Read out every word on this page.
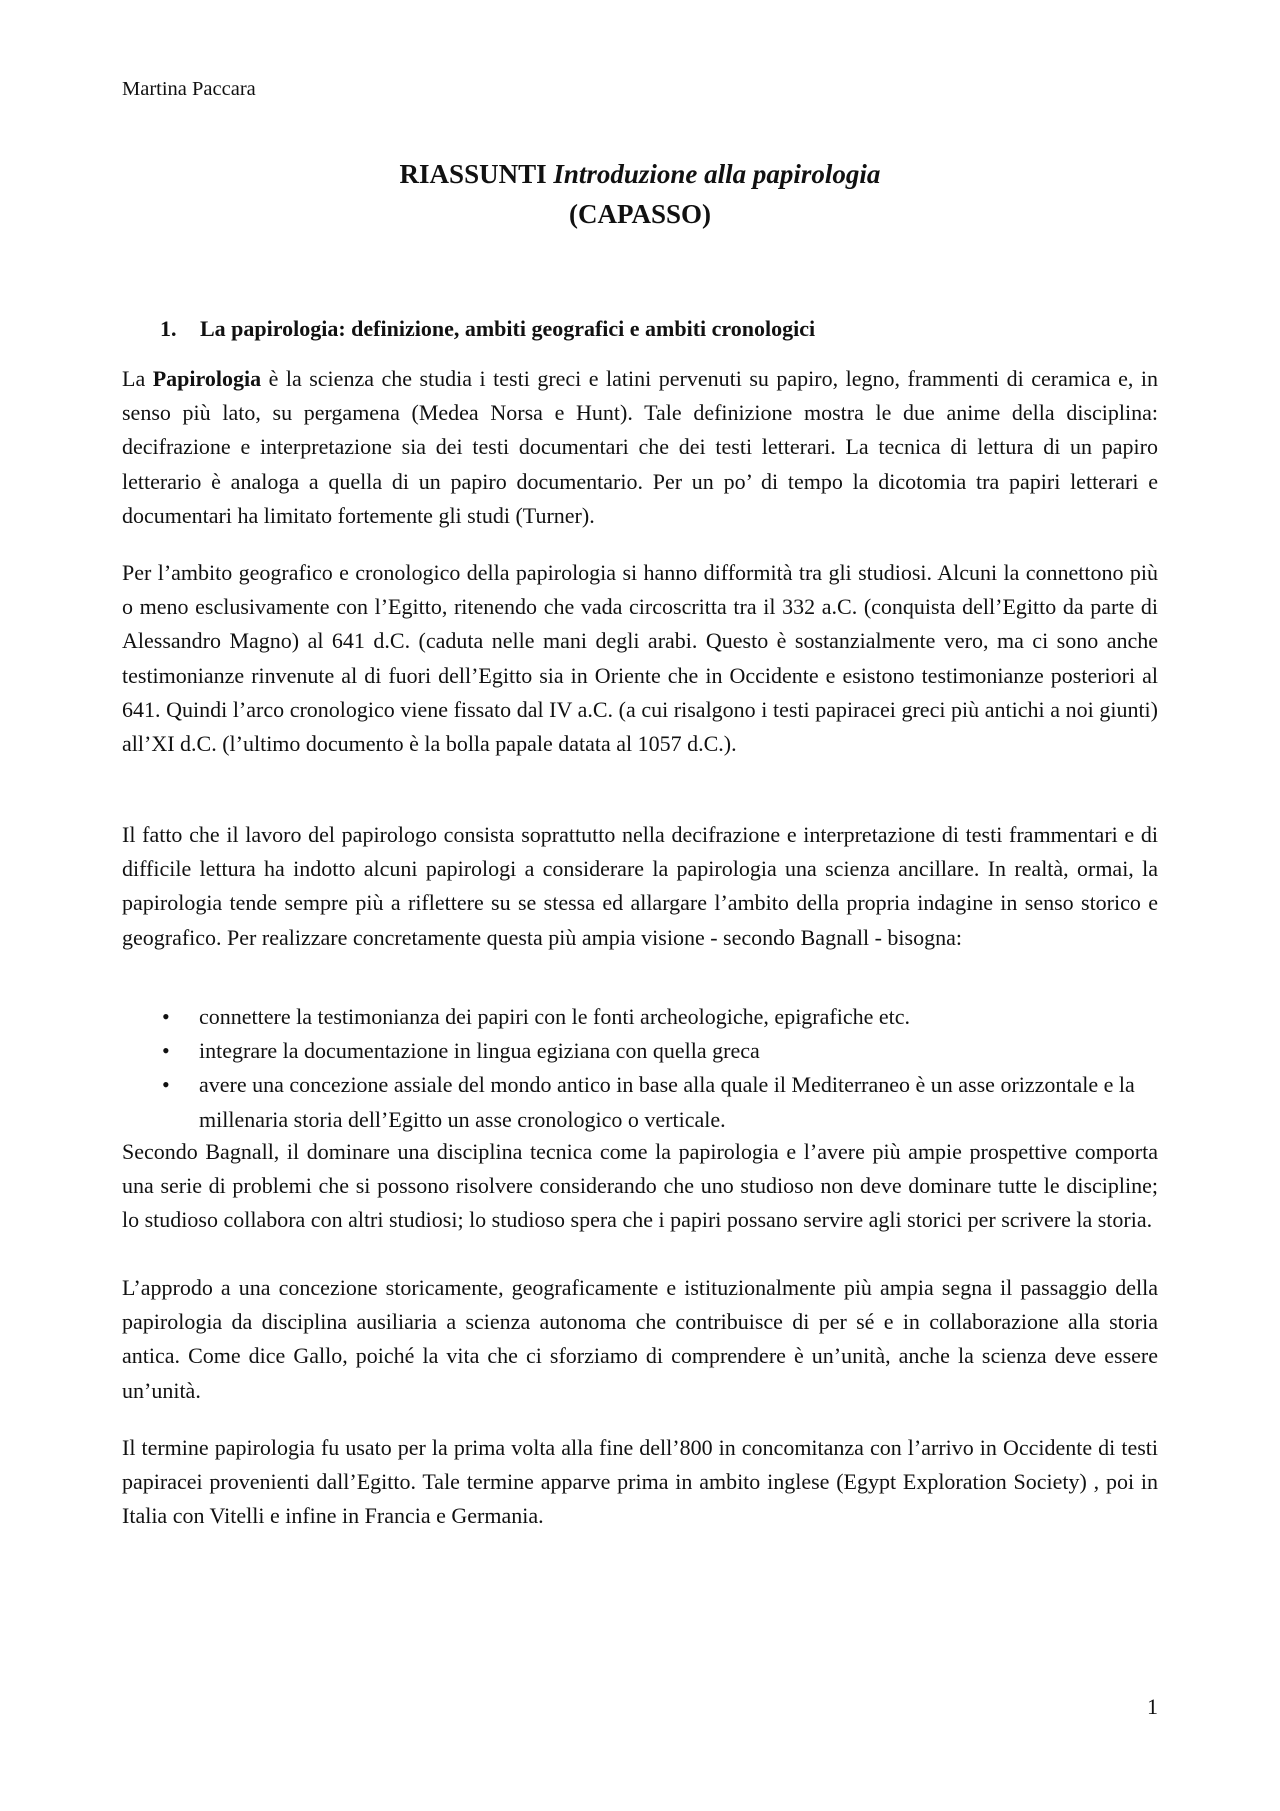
Martina Paccara
RIASSUNTI Introduzione alla papirologia
(CAPASSO)
1. La papirologia: definizione, ambiti geografici e ambiti cronologici

La Papirologia è la scienza che studia i testi greci e latini pervenuti su papiro, legno, frammenti di ceramica e, in senso più lato, su pergamena (Medea Norsa e Hunt). Tale definizione mostra le due anime della disciplina: decifrazione e interpretazione sia dei testi documentari che dei testi letterari. La tecnica di lettura di un papiro letterario è analoga a quella di un papiro documentario. Per un po’ di tempo la dicotomia tra papiri letterari e documentari ha limitato fortemente gli studi (Turner).

Per l’ambito geografico e cronologico della papirologia si hanno difformità tra gli studiosi. Alcuni la connettono più o meno esclusivamente con l’Egitto, ritenendo che vada circoscritta tra il 332 a.C. (conquista dell’Egitto da parte di Alessandro Magno) al 641 d.C. (caduta nelle mani degli arabi. Questo è sostanzialmente vero, ma ci sono anche testimonianze rinvenute al di fuori dell’Egitto sia in Oriente che in Occidente e esistono testimonianze posteriori al 641. Quindi l’arco cronologico viene fissato dal IV a.C. (a cui risalgono i testi papiracei greci più antichi a noi giunti) all’XI d.C. (l’ultimo documento è la bolla papale datata al 1057 d.C.).

Il fatto che il lavoro del papirologo consista soprattutto nella decifrazione e interpretazione di testi frammentari e di difficile lettura ha indotto alcuni papirologi a considerare la papirologia una scienza ancillare. In realtà, ormai, la papirologia tende sempre più a riflettere su se stessa ed allargare l’ambito della propria indagine in senso storico e geografico. Per realizzare concretamente questa più ampia visione - secondo Bagnall - bisogna:

• connettere la testimonianza dei papiri con le fonti archeologiche, epigrafiche etc.
• integrare la documentazione in lingua egiziana con quella greca
• avere una concezione assiale del mondo antico in base alla quale il Mediterraneo è un asse orizzontale e la millenaria storia dell’Egitto un asse cronologico o verticale.

Secondo Bagnall, il dominare una disciplina tecnica come la papirologia e l’avere più ampie prospettive comporta una serie di problemi che si possono risolvere considerando che uno studioso non deve dominare tutte le discipline; lo studioso collabora con altri studiosi; lo studioso spera che i papiri possano servire agli storici per scrivere la storia.

L’approdo a una concezione storicamente, geograficamente e istituzionalmente più ampia segna il passaggio della papirologia da disciplina ausiliaria a scienza autonoma che contribuisce di per sé e in collaborazione alla storia antica. Come dice Gallo, poiché la vita che ci sforziamo di comprendere è un’unità, anche la scienza deve essere un’unità.

Il termine papirologia fu usato per la prima volta alla fine dell’800 in concomitanza con l’arrivo in Occidente di testi papiracei provenienti dall’Egitto. Tale termine apparve prima in ambito inglese (Egypt Exploration Society) , poi in Italia con Vitelli e infine in Francia e Germania.

1
